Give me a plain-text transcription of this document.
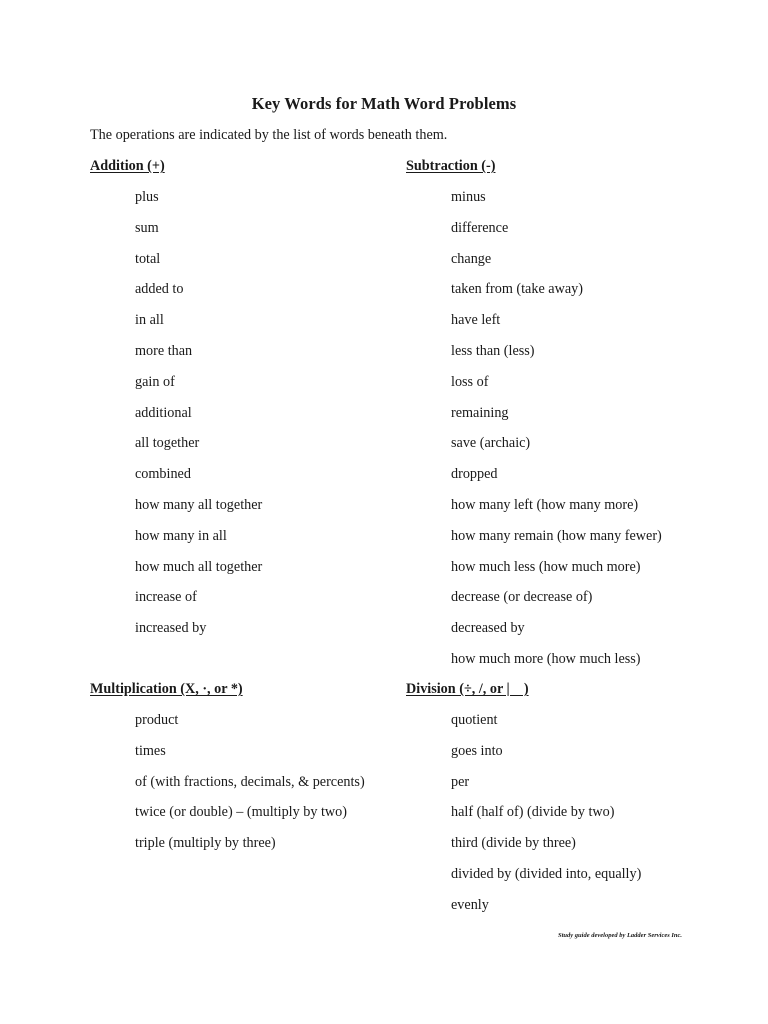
Key Words for Math Word Problems
The operations are indicated by the list of words beneath them.
Addition (+)
plus
sum
total
added to
in all
more than
gain of
additional
all together
combined
how many all together
how many in all
how much all together
increase of
increased by
Subtraction (-)
minus
difference
change
taken from (take away)
have left
less than (less)
loss of
remaining
save (archaic)
dropped
how many left (how many more)
how many remain (how many fewer)
how much less (how much more)
decrease (or decrease of)
decreased by
how much more (how much less)
Multiplication (X, ·, or *)
product
times
of (with fractions, decimals, & percents)
twice (or double) – (multiply by two)
triple (multiply by three)
Division (÷, /, or |    )
quotient
goes into
per
half (half of) (divide by two)
third (divide by three)
divided by (divided into, equally)
evenly
Study guide developed by Ladder Services Inc.
